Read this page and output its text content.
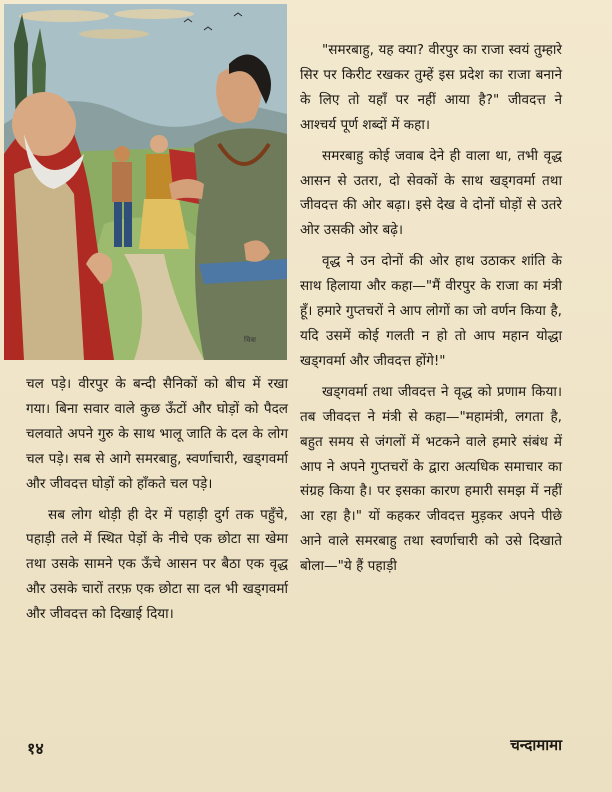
चित्रा

"समरबाहु, यह क्या? वीरपुर का राजा स्वयं तुम्हारे सिर पर किरीट रखकर तुम्हें इस प्रदेश का राजा बनाने के लिए तो यहाँ पर नहीं आया है?" जीवदत्त ने आश्चर्य पूर्ण शब्दों में कहा।

समरबाहु कोई जवाब देने ही वाला था, तभी वृद्ध आसन से उतरा, दो सेवकों के साथ खड्गवर्मा तथा जीवदत्त की ओर बढ़ा। इसे देख वे दोनों घोड़ों से उतरे ओर उसकी ओर बढ़े।

वृद्ध ने उन दोनों की ओर हाथ उठाकर शांति के साथ हिलाया और कहा—"मैं वीरपुर के राजा का मंत्री हूँ। हमारे गुप्तचरों ने आप लोगों का जो वर्णन किया है, यदि उसमें कोई गलती न हो तो आप महान योद्धा खड्गवर्मा और जीवदत्त होंगे!"

खड्गवर्मा तथा जीवदत्त ने वृद्ध को प्रणाम किया। तब जीवदत्त ने मंत्री से कहा—"महामंत्री, लगता है, बहुत समय से जंगलों में भटकने वाले हमारे संबंध में आप ने अपने गुप्तचरों के द्वारा अत्यधिक समाचार का संग्रह किया है। पर इसका कारण हमारी समझ में नहीं आ रहा है।" यों कहकर जीवदत्त मुड़कर अपने पीछे आने वाले समरबाहु तथा स्वर्णाचारी को उसे दिखाते बोला—"ये हैं पहाड़ी

चल पड़े। वीरपुर के बन्दी सैनिकों को बीच में रखा गया। बिना सवार वाले कुछ ऊँटों और घोड़ों को पैदल चलवाते अपने गुरु के साथ भालू जाति के दल के लोग चल पड़े। सब से आगे समरबाहु, स्वर्णाचारी, खड्गवर्मा और जीवदत्त घोड़ों को हाँकते चल पड़े।

सब लोग थोड़ी ही देर में पहाड़ी दुर्ग तक पहुँचे, पहाड़ी तले में स्थित पेड़ों के नीचे एक छोटा सा खेमा तथा उसके सामने एक ऊँचे आसन पर बैठा एक वृद्ध और उसके चारों तरफ़ एक छोटा सा दल भी खड्गवर्मा और जीवदत्त को दिखाई दिया।

१४	चन्दामामा
